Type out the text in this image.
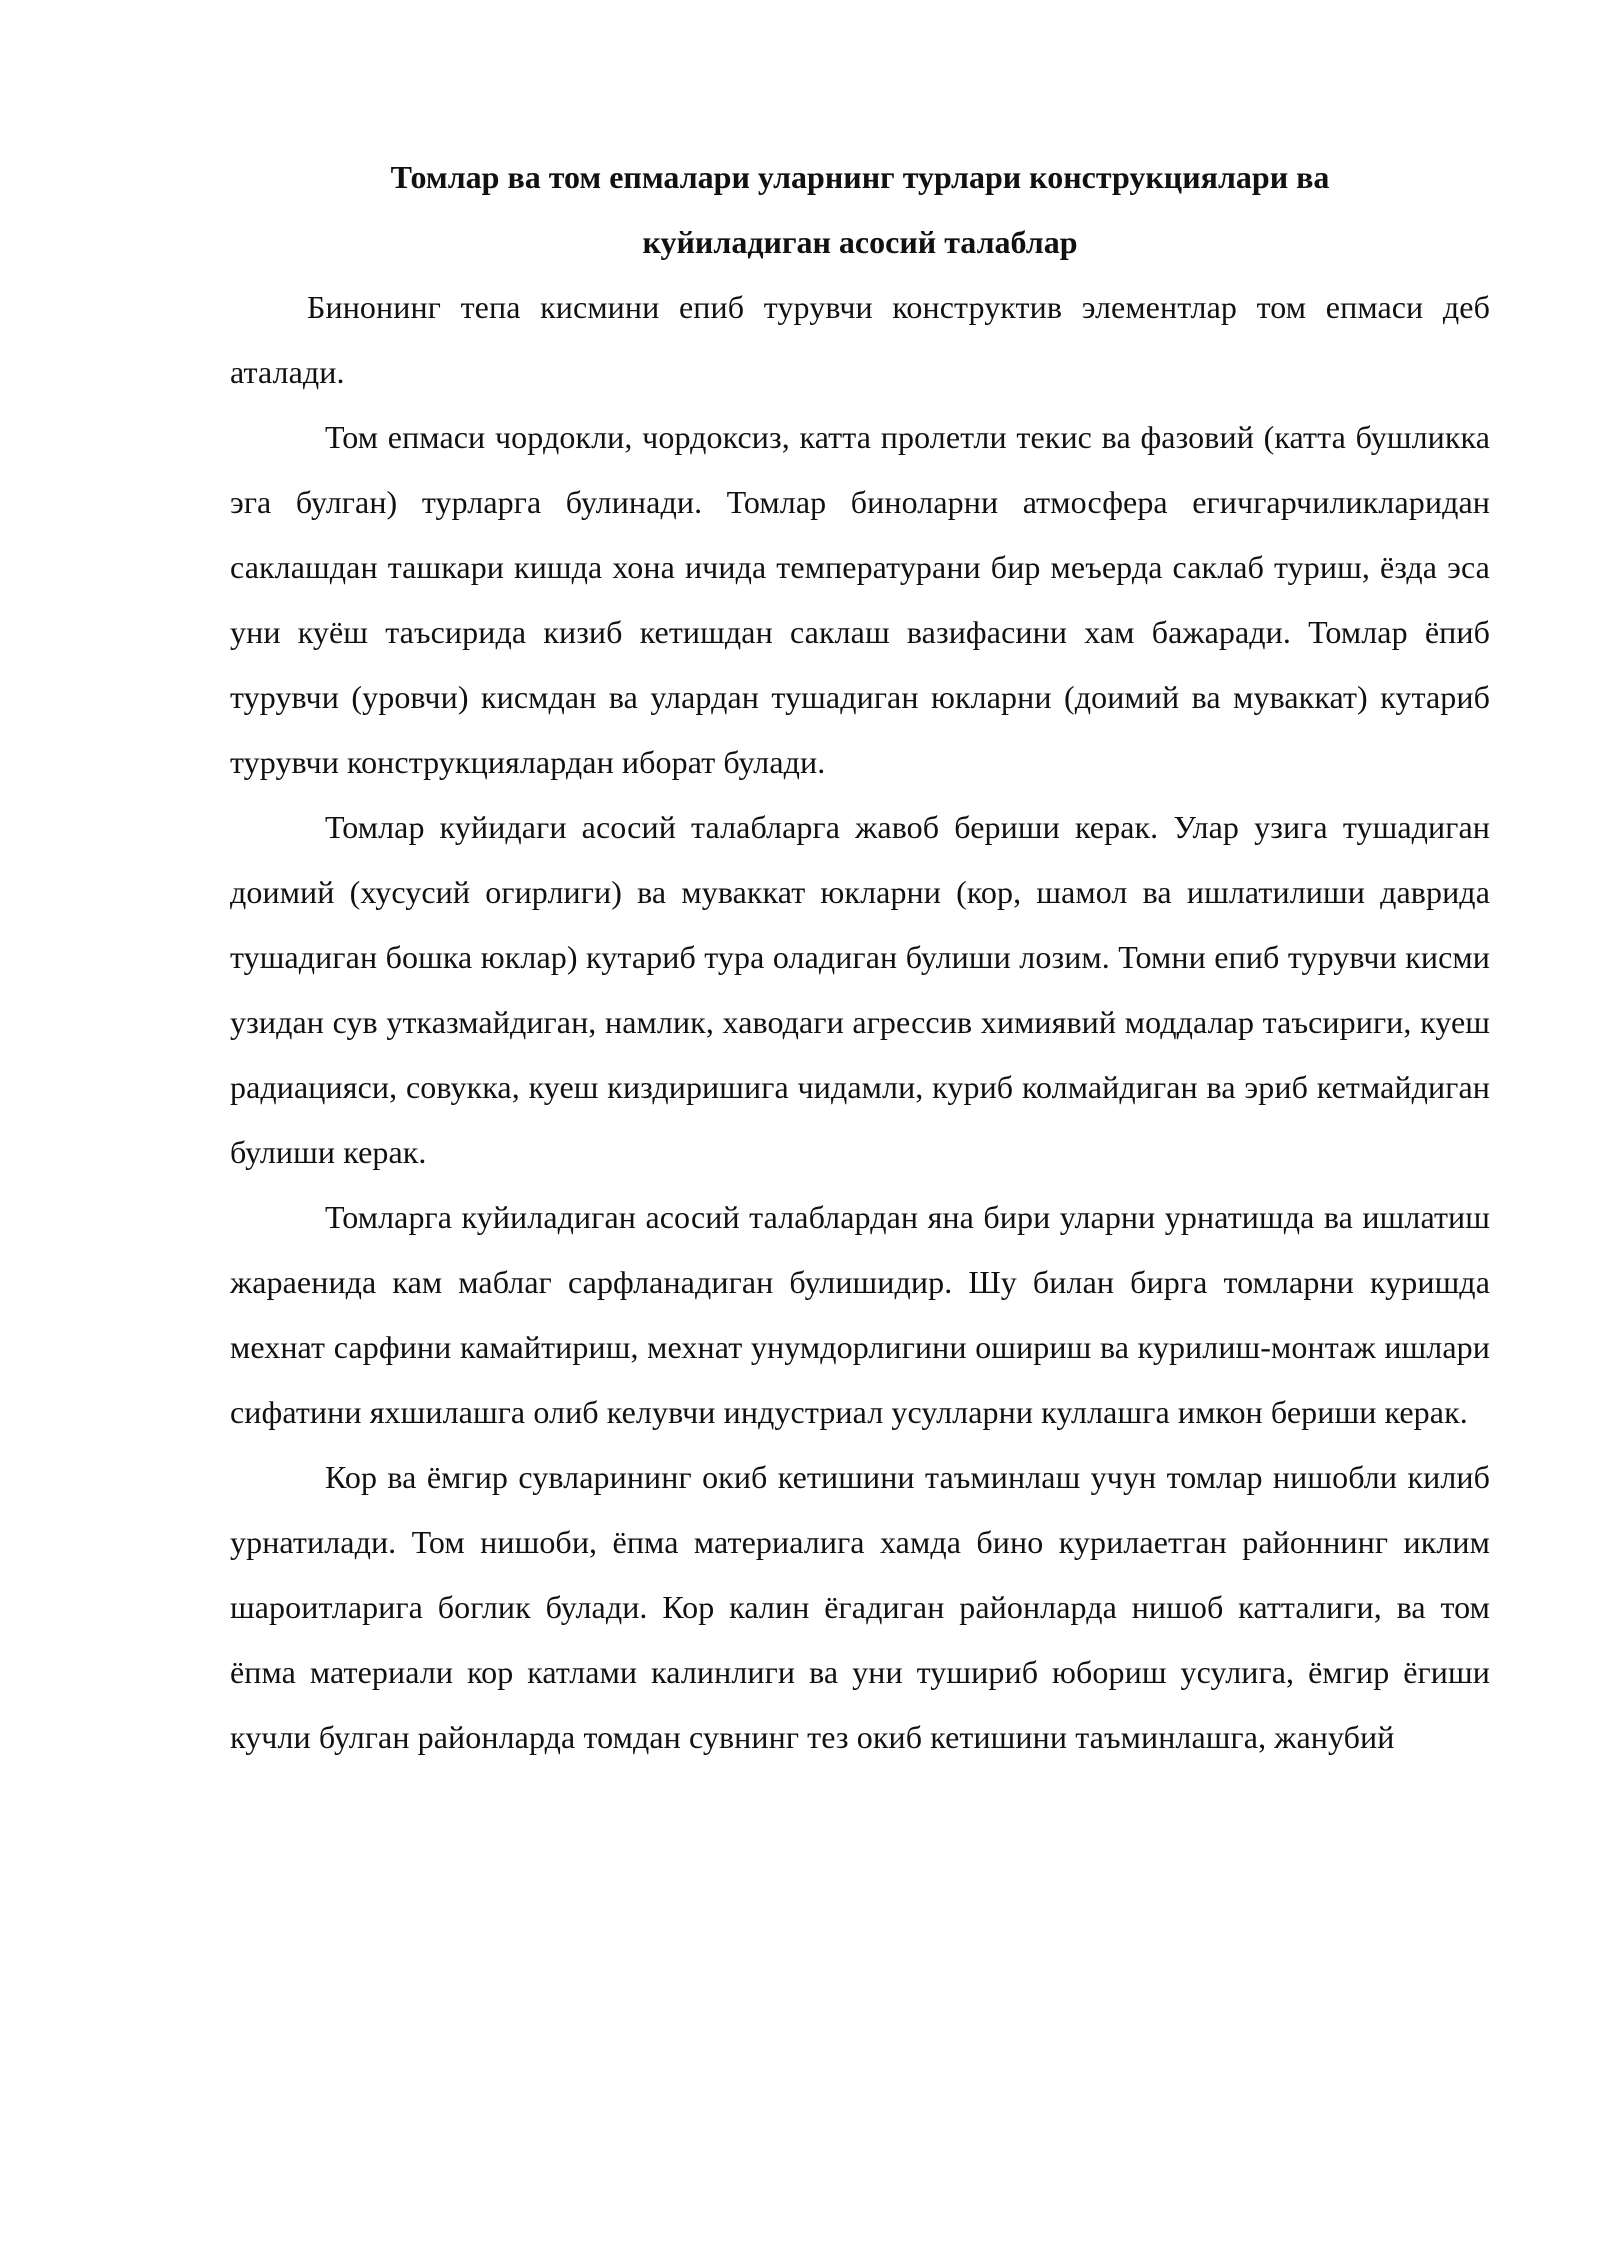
Томлар ва том епмалари уларнинг турлари конструкциялари ва
куйиладиган асосий талаблар

Бинонинг тепа кисмини епиб турувчи конструктив элементлар том епмаси деб аталади.

Том епмаси чордокли, чордоксиз, катта пролетли текис ва фазовий (катта бушликка эга булган) турларга булинади. Томлар биноларни атмосфера егичгарчиликларидан саклашдан ташкари кишда хона ичида температурани бир меъерда саклаб туриш, ёзда эса уни куёш таъсирида кизиб кетишдан саклаш вазифасини хам бажаради. Томлар ёпиб турувчи (уровчи) кисмдан ва улардан тушадиган юкларни (доимий ва муваккат) кутариб турувчи конструкциялардан иборат булади.

Томлар куйидаги асосий талабларга жавоб бериши керак. Улар узига тушадиган доимий (хусусий огирлиги) ва муваккат юкларни (кор, шамол ва ишлатилиши даврида тушадиган бошка юклар) кутариб тура оладиган булиши лозим. Томни епиб турувчи кисми узидан сув утказмайдиган, намлик, хаводаги агрессив химиявий моддалар таъсириги, куеш радиацияси, совукка, куеш киздиришига чидамли, куриб колмайдиган ва эриб кетмайдиган булиши керак.

Томларга куйиладиган асосий талаблардан яна бири уларни урнатишда ва ишлатиш жараенида кам маблаг сарфланадиган булишидир. Шу билан бирга томларни куришда мехнат сарфини камайтириш, мехнат унумдорлигини ошириш ва курилиш-монтаж ишлари сифатини яхшилашга олиб келувчи индустриал усулларни куллашга имкон бериши керак.

Кор ва ёмгир сувларининг окиб кетишини таъминлаш учун томлар нишобли килиб урнатилади. Том нишоби, ёпма материалига хамда бино курилаетган районнинг иклим шароитларига боглик булади. Кор калин ёгадиган районларда нишоб катталиги, ва том ёпма материали кор катлами калинлиги ва уни тушириб юбориш усулига, ёмгир ёгиши кучли булган районларда томдан сувнинг тез окиб кетишини таъминлашга, жанубий
